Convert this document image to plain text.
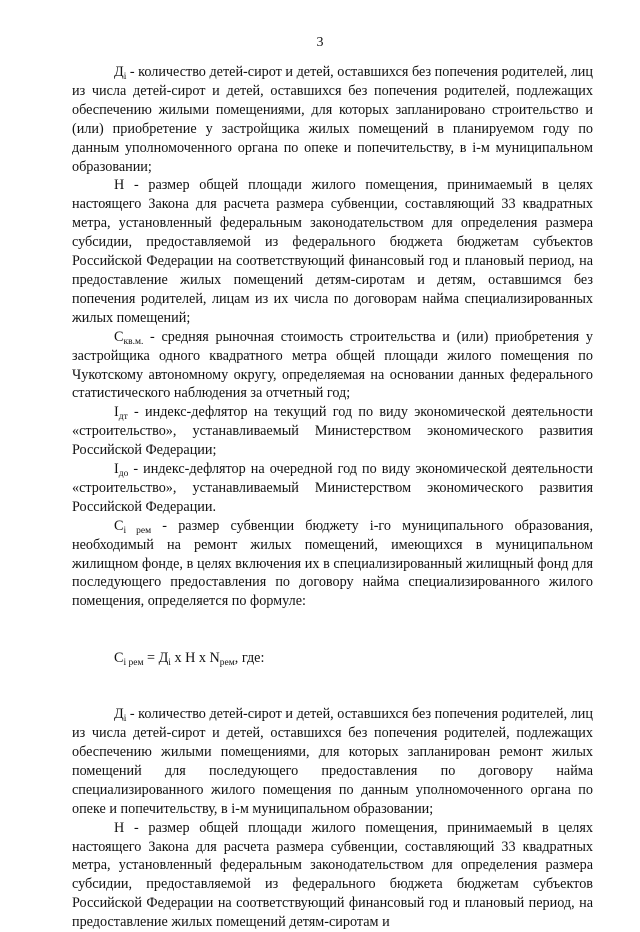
3

$Д_i$ - количество детей-сирот и детей, оставшихся без попечения родителей, лиц из числа детей-сирот и детей, оставшихся без попечения родителей, подлежащих обеспечению жилыми помещениями, для которых запланировано строительство и (или) приобретение у застройщика жилых помещений в планируемом году по данным уполномоченного органа по опеке и попечительству, в i-м муниципальном образовании;

Н - размер общей площади жилого помещения, принимаемый в целях настоящего Закона для расчета размера субвенции, составляющий 33 квадратных метра, установленный федеральным законодательством для определения размера субсидии, предоставляемой из федерального бюджета бюджетам субъектов Российской Федерации на соответствующий финансовый год и плановый период, на предоставление жилых помещений детям-сиротам и детям, оставшимся без попечения родителей, лицам из их числа по договорам найма специализированных жилых помещений;

$С_{кв.м.}$ - средняя рыночная стоимость строительства и (или) приобретения у застройщика одного квадратного метра общей площади жилого помещения по Чукотскому автономному округу, определяемая на основании данных федерального статистического наблюдения за отчетный год;

$I_{дт}$ - индекс-дефлятор на текущий год по виду экономической деятельности «строительство», устанавливаемый Министерством экономического развития Российской Федерации;

$I_{до}$ - индекс-дефлятор на очередной год по виду экономической деятельности «строительство», устанавливаемый Министерством экономического развития Российской Федерации.

$С_{i рем}$ - размер субвенции бюджету i-го муниципального образования, необходимый на ремонт жилых помещений, имеющихся в муниципальном жилищном фонде, в целях включения их в специализированный жилищный фонд для последующего предоставления по договору найма специализированного жилого помещения, определяется по формуле:

$С_{i рем} = Д_i$ х Н х $N_{рем}$, где:

$Д_i$ - количество детей-сирот и детей, оставшихся без попечения родителей, лиц из числа детей-сирот и детей, оставшихся без попечения родителей, подлежащих обеспечению жилыми помещениями, для которых запланирован ремонт жилых помещений для последующего предоставления по договору найма специализированного жилого помещения по данным уполномоченного органа по опеке и попечительству, в i-м муниципальном образовании;

Н - размер общей площади жилого помещения, принимаемый в целях настоящего Закона для расчета размера субвенции, составляющий 33 квадратных метра, установленный федеральным законодательством для определения размера субсидии, предоставляемой из федерального бюджета бюджетам субъектов Российской Федерации на соответствующий финансовый год и плановый период, на предоставление жилых помещений детям-сиротам и
